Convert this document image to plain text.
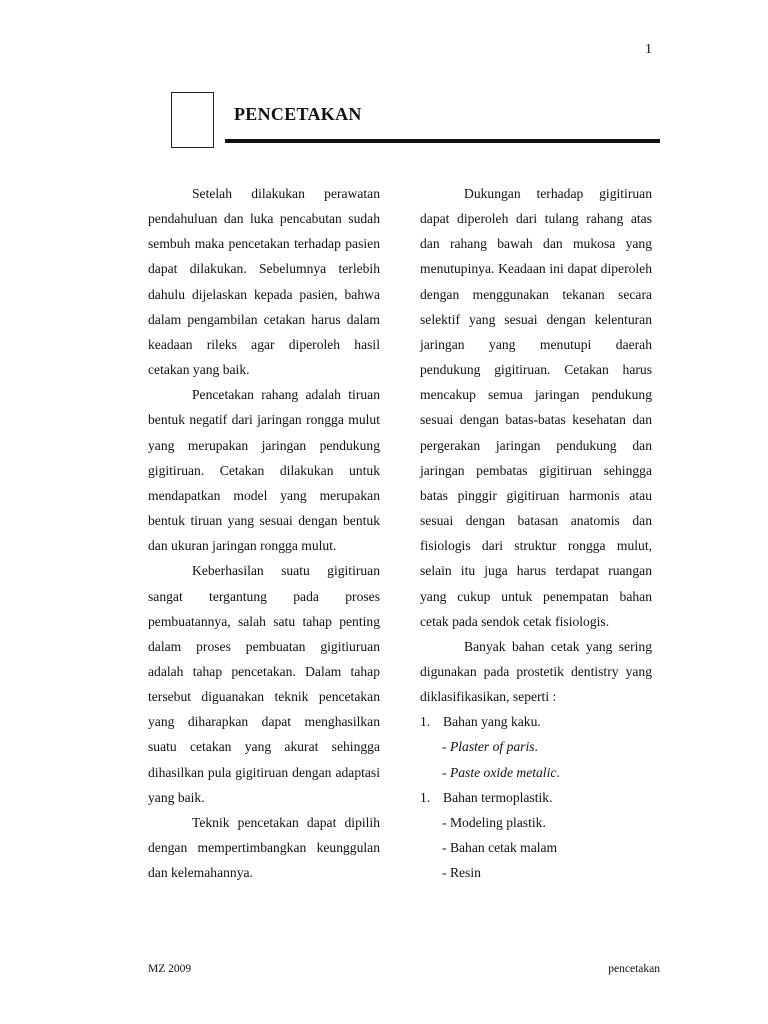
1
PENCETAKAN

Setelah dilakukan perawatan pendahuluan dan luka pencabutan sudah sembuh maka pencetakan terhadap pasien dapat dilakukan. Sebelumnya terlebih dahulu dijelaskan kepada pasien, bahwa dalam pengambilan cetakan harus dalam keadaan rileks agar diperoleh hasil cetakan yang baik.

Pencetakan rahang adalah tiruan bentuk negatif dari jaringan rongga mulut yang merupakan jaringan pendukung gigitiruan. Cetakan dilakukan untuk mendapatkan model yang merupakan bentuk tiruan yang sesuai dengan bentuk dan ukuran jaringan rongga mulut.

Keberhasilan suatu gigitiruan sangat tergantung pada proses pembuatannya, salah satu tahap penting dalam proses pembuatan gigitiuruan adalah tahap pencetakan. Dalam tahap tersebut diguanakan teknik pencetakan yang diharapkan dapat menghasilkan suatu cetakan yang akurat sehingga dihasilkan pula gigitiruan dengan adaptasi yang baik.

Teknik pencetakan dapat dipilih dengan mempertimbangkan keunggulan dan kelemahannya.

Dukungan terhadap gigitiruan dapat diperoleh dari tulang rahang atas dan rahang bawah dan mukosa yang menutupinya. Keadaan ini dapat diperoleh dengan menggunakan tekanan secara selektif yang sesuai dengan kelenturan jaringan yang menutupi daerah pendukung gigitiruan. Cetakan harus mencakup semua jaringan pendukung sesuai dengan batas-batas kesehatan dan pergerakan jaringan pendukung dan jaringan pembatas gigitiruan sehingga batas pinggir gigitiruan harmonis atau sesuai dengan batasan anatomis dan fisiologis dari struktur rongga mulut, selain itu juga harus terdapat ruangan yang cukup untuk penempatan bahan cetak pada sendok cetak fisiologis.

Banyak bahan cetak yang sering digunakan pada prostetik dentistry yang diklasifikasikan, seperti :

1. Bahan yang kaku.
- Plaster of paris.
- Paste oxide metalic.
1. Bahan termoplastik.
- Modeling plastik.
- Bahan cetak malam
- Resin
MZ 2009	pencetakan
